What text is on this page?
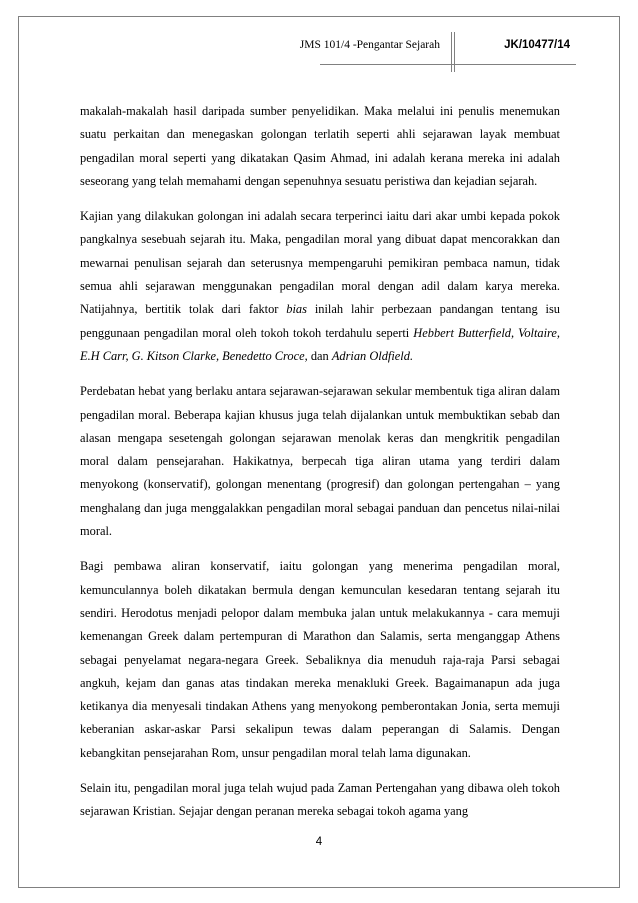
JMS 101/4 -Pengantar Sejarah	JK/10477/14

makalah-makalah hasil daripada sumber penyelidikan. Maka melalui ini penulis menemukan suatu perkaitan dan menegaskan golongan terlatih seperti ahli sejarawan layak membuat pengadilan moral seperti yang dikatakan Qasim Ahmad, ini adalah kerana mereka ini adalah seseorang yang telah memahami dengan sepenuhnya sesuatu peristiwa dan kejadian sejarah.

Kajian yang dilakukan golongan ini adalah secara terperinci iaitu dari akar umbi kepada pokok pangkalnya sesebuah sejarah itu. Maka, pengadilan moral yang dibuat dapat mencorakkan dan mewarnai penulisan sejarah dan seterusnya mempengaruhi pemikiran pembaca namun, tidak semua ahli sejarawan menggunakan pengadilan moral dengan adil dalam karya mereka. Natijahnya, bertitik tolak dari faktor bias inilah lahir perbezaan pandangan tentang isu penggunaan pengadilan moral oleh tokoh tokoh terdahulu seperti Hebbert Butterfield, Voltaire, E.H Carr, G. Kitson Clarke, Benedetto Croce, dan Adrian Oldfield.

Perdebatan hebat yang berlaku antara sejarawan-sejarawan sekular membentuk tiga aliran dalam pengadilan moral. Beberapa kajian khusus juga telah dijalankan untuk membuktikan sebab dan alasan mengapa sesetengah golongan sejarawan menolak keras dan mengkritik pengadilan moral dalam pensejarahan. Hakikatnya, berpecah tiga aliran utama yang terdiri dalam menyokong (konservatif), golongan menentang (progresif) dan golongan pertengahan – yang menghalang dan juga menggalakkan pengadilan moral sebagai panduan dan pencetus nilai-nilai moral.

Bagi pembawa aliran konservatif, iaitu golongan yang menerima pengadilan moral, kemunculannya boleh dikatakan bermula dengan kemunculan kesedaran tentang sejarah itu sendiri. Herodotus menjadi pelopor dalam membuka jalan untuk melakukannya - cara memuji kemenangan Greek dalam pertempuran di Marathon dan Salamis, serta menganggap Athens sebagai penyelamat negara-negara Greek. Sebaliknya dia menuduh raja-raja Parsi sebagai angkuh, kejam dan ganas atas tindakan mereka menakluki Greek. Bagaimanapun ada juga ketikanya dia menyesali tindakan Athens yang menyokong pemberontakan Jonia, serta memuji keberanian askar-askar Parsi sekalipun tewas dalam peperangan di Salamis. Dengan kebangkitan pensejarahan Rom, unsur pengadilan moral telah lama digunakan.

Selain itu, pengadilan moral juga telah wujud pada Zaman Pertengahan yang dibawa oleh tokoh sejarawan Kristian. Sejajar dengan peranan mereka sebagai tokoh agama yang

4
